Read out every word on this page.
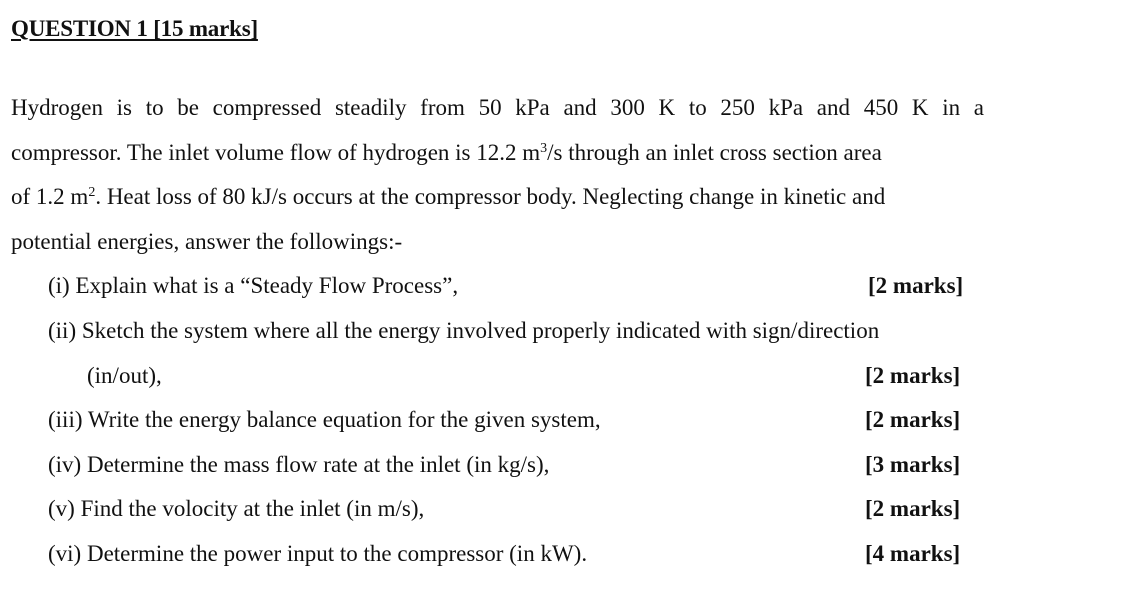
QUESTION 1 [15 marks]
Hydrogen is to be compressed steadily from 50 kPa and 300 K to 250 kPa and 450 K in a
compressor. The inlet volume flow of hydrogen is 12.2 $m^3/s$ through an inlet cross section area
of 1.2 $m^2$. Heat loss of 80 kJ/s occurs at the compressor body. Neglecting change in kinetic and
potential energies, answer the followings:-
(i) Explain what is a “Steady Flow Process”,	[2 marks]
(ii) Sketch the system where all the energy involved properly indicated with sign/direction
(in/out),	[2 marks]
(iii) Write the energy balance equation for the given system,	[2 marks]
(iv) Determine the mass flow rate at the inlet (in kg/s),	[3 marks]
(v) Find the volocity at the inlet (in m/s),	[2 marks]
(vi) Determine the power input to the compressor (in kW).	[4 marks]
